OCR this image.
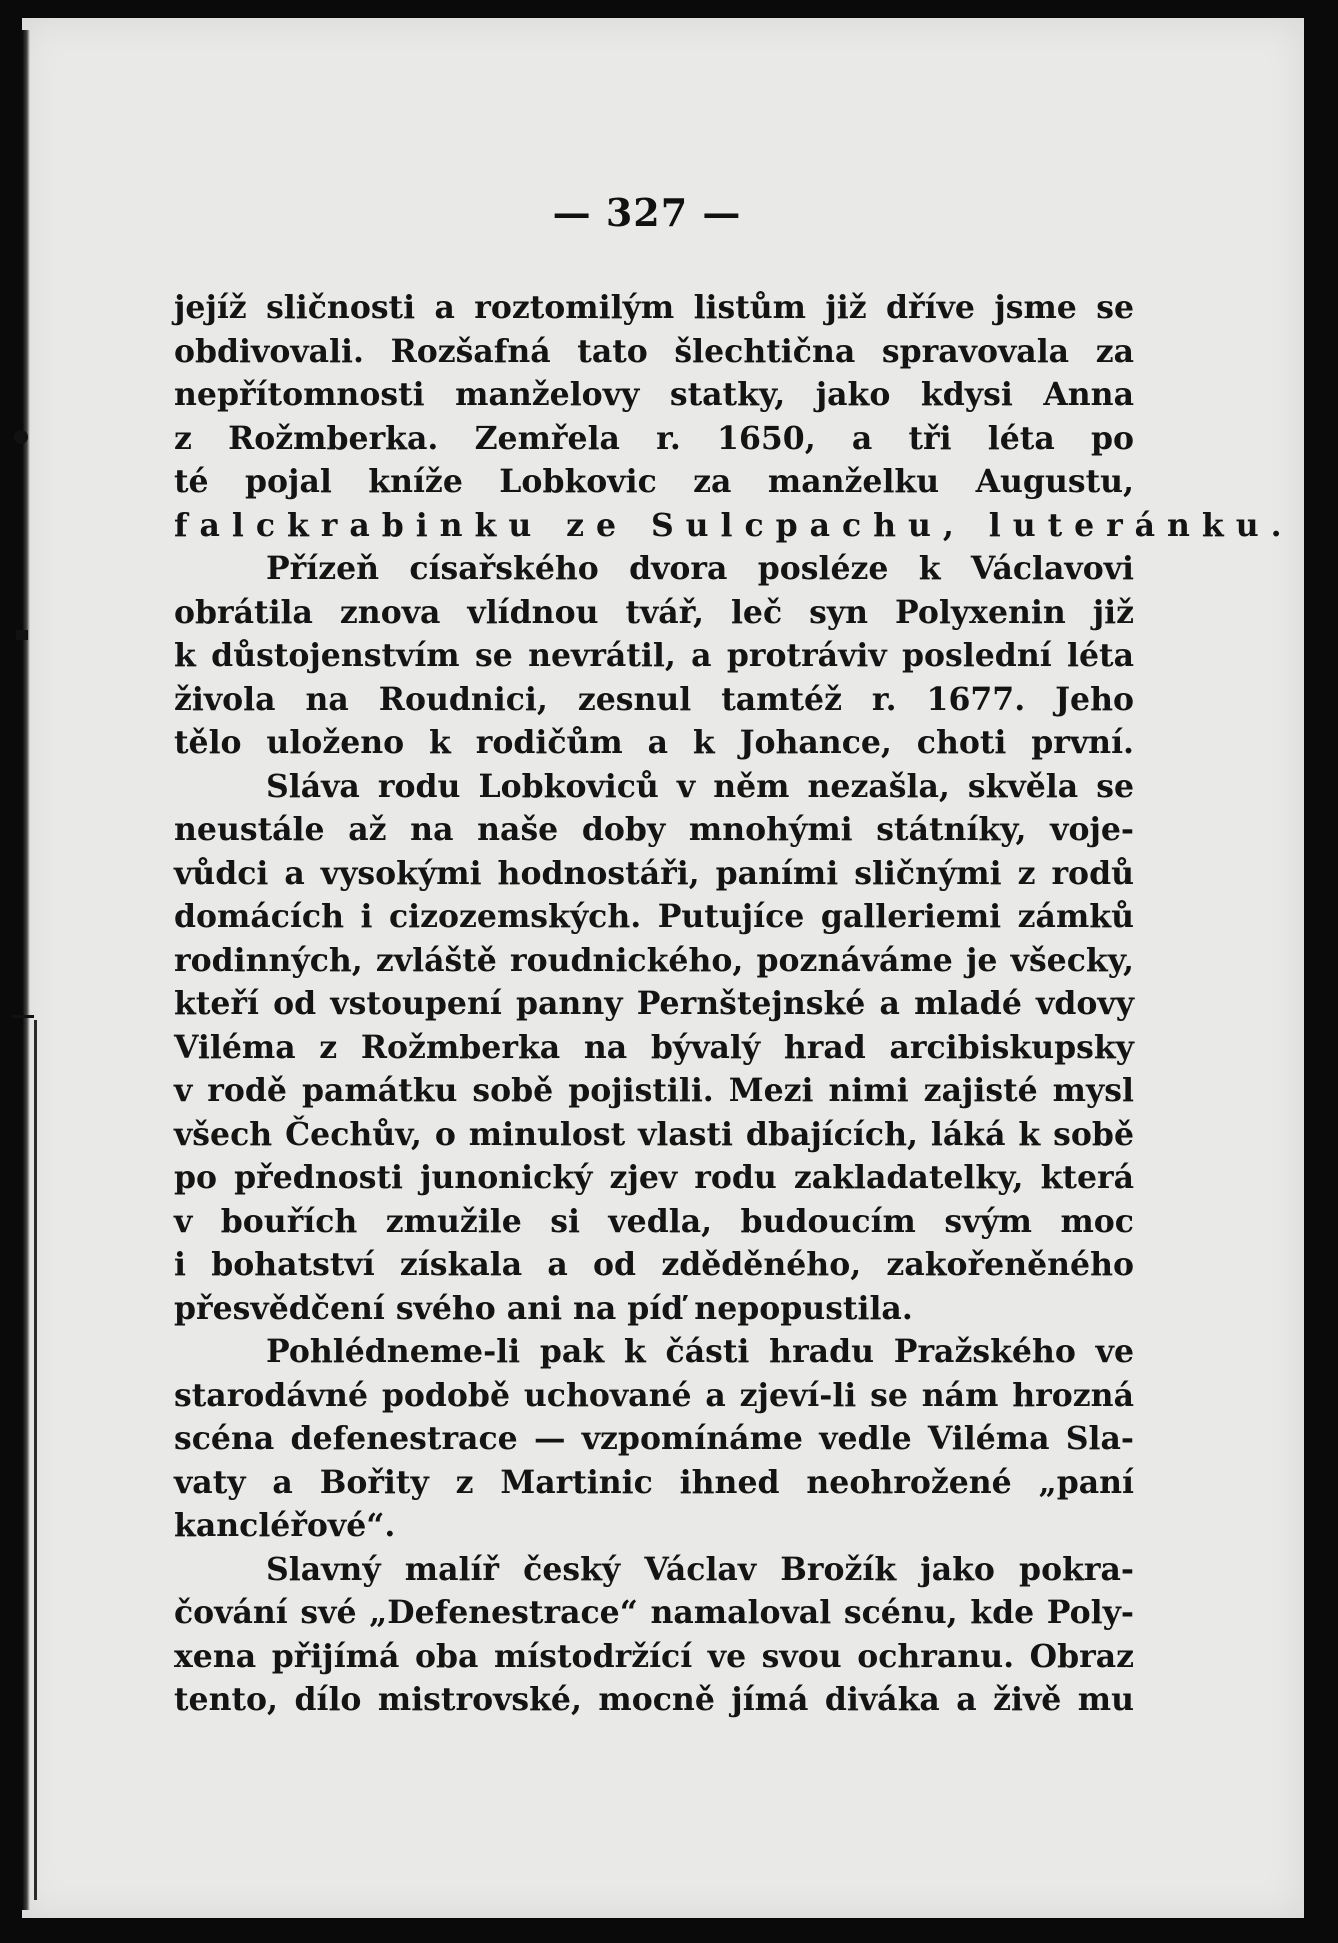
— 327 —
jejíž sličnosti a roztomilým listům již dříve jsme se
obdivovali. Rozšafná tato šlechtična spravovala za
nepřítomnosti manželovy statky, jako kdysi Anna
z Rožmberka. Zemřela r. 1650, a tři léta po
té pojal kníže Lobkovic za manželku Augustu,
falckrabinku ze Sulcpachu, luteránku.
Přízeň císařského dvora posléze k Václavovi
obrátila znova vlídnou tvář, leč syn Polyxenin již
k důstojenstvím se nevrátil, a protráviv poslední léta
živola na Roudnici, zesnul tamtéž r. 1677. Jeho
tělo uloženo k rodičům a k Johance, choti první.
Sláva rodu Lobkoviců v něm nezašla, skvěla se
neustále až na naše doby mnohými státníky, voje-
vůdci a vysokými hodnostáři, paními sličnými z rodů
domácích i cizozemských. Putujíce galleriemi zámků
rodinných, zvláště roudnického, poznáváme je všecky,
kteří od vstoupení panny Pernštejnské a mladé vdovy
Viléma z Rožmberka na bývalý hrad arcibiskupsky
v rodě památku sobě pojistili. Mezi nimi zajisté mysl
všech Čechův, o minulost vlasti dbajících, láká k sobě
po přednosti junonický zjev rodu zakladatelky, která
v bouřích zmužile si vedla, budoucím svým moc
i bohatství získala a od zděděného, zakořeněného
přesvědčení svého ani na píď nepopustila.
Pohlédneme-li pak k části hradu Pražského ve
starodávné podobě uchované a zjeví-li se nám hrozná
scéna defenestrace — vzpomínáme vedle Viléma Sla-
vaty a Bořity z Martinic ihned neohrožené „paní
kancléřové“.
Slavný malíř český Václav Brožík jako pokra-
čování své „Defenestrace“ namaloval scénu, kde Poly-
xena přijímá oba místodržící ve svou ochranu. Obraz
tento, dílo mistrovské, mocně jímá diváka a živě mu
